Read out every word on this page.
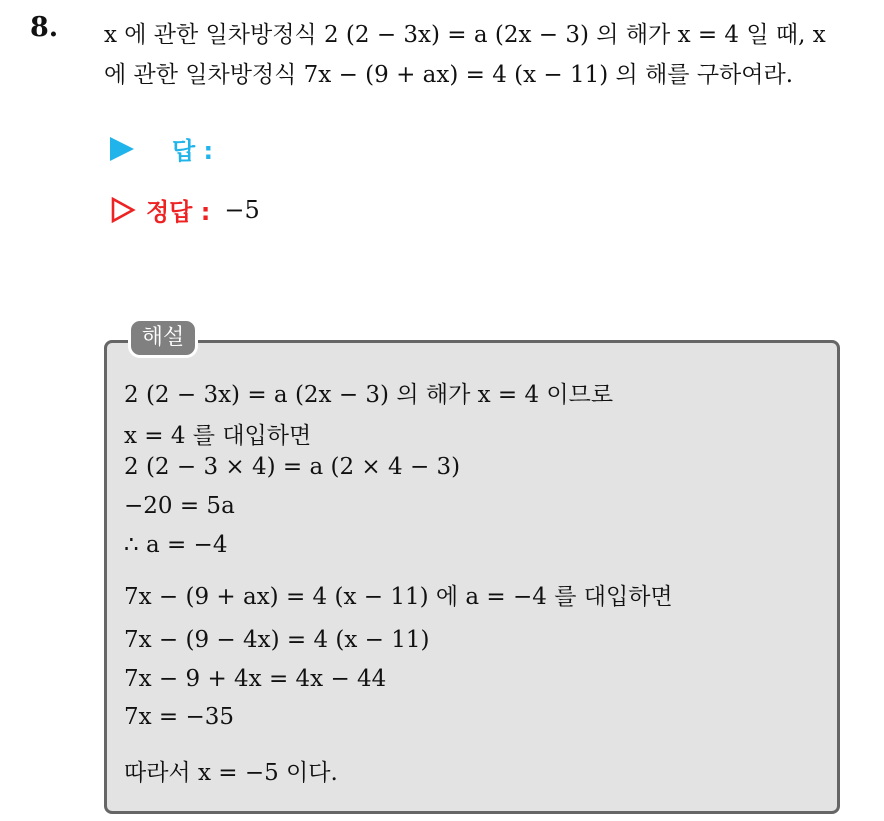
8. x 에 관한 일차방정식 2 (2 − 3x) = a (2x − 3) 의 해가 x = 4 일 때, x
에 관한 일차방정식 7x − (9 + ax) = 4 (x − 11) 의 해를 구하여라.
답 :
정답 : −5
해설
2 (2 − 3x) = a (2x − 3) 의 해가 x = 4 이므로
x = 4 를 대입하면
2 (2 − 3 × 4) = a (2 × 4 − 3)
−20 = 5a
∴ a = −4
7x − (9 + ax) = 4 (x − 11) 에 a = −4 를 대입하면
7x − (9 − 4x) = 4 (x − 11)
7x − 9 + 4x = 4x − 44
7x = −35
따라서 x = −5 이다.
